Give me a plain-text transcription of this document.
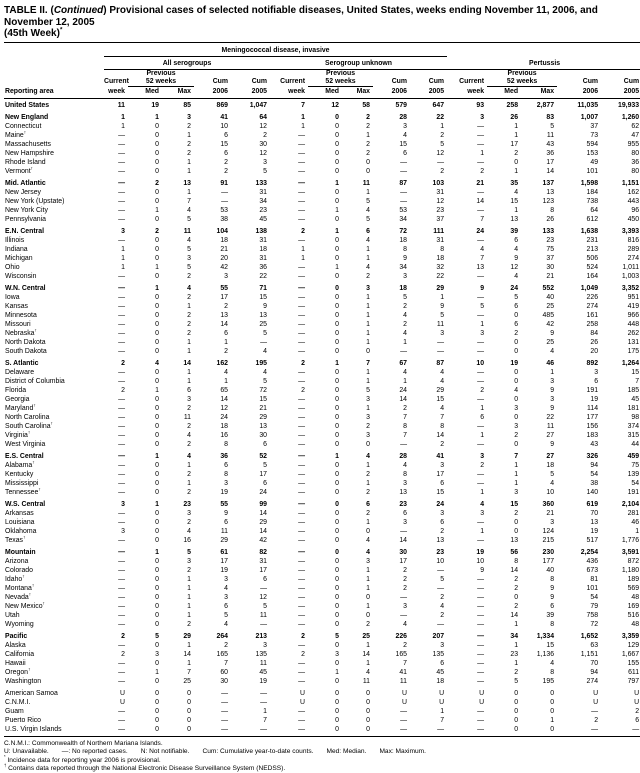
TABLE II. (Continued) Provisional cases of selected notifiable diseases, United States, weeks ending November 11, 2006, and November 12, 2005
(45th Week)*
	Meningococcal disease, invasive														
	All serogroups					Serogroup unknown					Pertussis				
		Previous					Previous					Previous			
	Current	52 weeks		Cum	Cum	Current	52 weeks		Cum	Cum	Current	52 weeks		Cum	Cum
Reporting area	week	Med	Max	2006	2005	week	Med	Max	2006	2005	week	Med	Max	2006	2005
United States	11	19	85	869	1,047	7	12	58	579	647	93	258	2,877	11,035	19,933
New England	1	1	3	41	64	1	0	2	28	22	3	26	83	1,007	1,260
Connecticut	1	0	2	10	12	1	0	2	3	1	—	1	5	37	62
Maine†	—	0	1	6	2	—	0	1	4	2	—	1	11	73	47
Massachusetts	—	0	2	15	30	—	0	2	15	5	—	17	43	594	955
New Hampshire	—	0	2	6	12	—	0	2	6	12	1	2	36	153	80
Rhode Island	—	0	1	2	3	—	0	0	—	—	—	0	17	49	36
Vermont†	—	0	1	2	5	—	0	0	—	2	2	1	14	101	80
Mid. Atlantic	—	2	13	91	133	—	1	11	87	103	21	35	137	1,598	1,151
New Jersey	—	0	1	—	31	—	0	1	—	31	—	4	13	184	162
New York (Upstate)	—	0	7	—	34	—	0	5	—	12	14	15	123	738	443
New York City	—	1	4	53	23	—	1	4	53	23	—	1	8	64	96
Pennsylvania	—	0	5	38	45	—	0	5	34	37	7	13	26	612	450
E.N. Central	3	2	11	104	138	2	1	6	72	111	24	39	133	1,638	3,393
Illinois	—	0	4	18	31	—	0	4	18	31	—	6	23	231	816
Indiana	1	0	5	21	18	1	0	1	8	8	4	4	75	213	289
Michigan	1	0	3	20	31	1	0	1	9	18	7	9	37	506	274
Ohio	1	1	5	42	36	—	1	4	34	32	13	12	30	524	1,011
Wisconsin	—	0	2	3	22	—	0	2	3	22	—	4	21	164	1,003
W.N. Central	—	1	4	55	71	—	0	3	18	29	9	24	552	1,049	3,352
Iowa	—	0	2	17	15	—	0	1	5	1	—	5	40	226	951
Kansas	—	0	1	2	9	—	0	1	2	9	5	6	25	274	419
Minnesota	—	0	2	13	13	—	0	1	4	5	—	0	485	161	966
Missouri	—	0	2	14	25	—	0	1	2	11	1	6	42	258	448
Nebraska†	—	0	2	6	5	—	0	1	4	3	3	2	9	84	262
North Dakota	—	0	1	1	—	—	0	1	1	—	—	0	25	26	131
South Dakota	—	0	1	2	4	—	0	0	—	—	—	0	4	20	175
S. Atlantic	2	4	14	162	195	2	1	7	67	87	10	19	46	892	1,264
Delaware	—	0	1	4	4	—	0	1	4	4	—	0	1	3	15
District of Columbia	—	0	1	1	5	—	0	1	1	4	—	0	3	6	7
Florida	2	1	6	65	72	2	0	5	24	29	2	4	9	191	185
Georgia	—	0	3	14	15	—	0	3	14	15	—	0	3	19	45
Maryland†	—	0	2	12	21	—	0	1	2	4	1	3	9	114	181
North Carolina	—	0	11	24	29	—	0	3	7	7	6	0	22	177	98
South Carolina†	—	0	2	18	13	—	0	2	8	8	—	3	11	156	374
Virginia†	—	0	4	16	30	—	0	3	7	14	1	2	27	183	315
West Virginia	—	0	2	8	6	—	0	0	—	2	—	0	9	43	44
E.S. Central	—	1	4	36	52	—	1	4	28	41	3	7	27	326	459
Alabama†	—	0	1	6	5	—	0	1	4	3	2	1	18	94	75
Kentucky	—	0	2	8	17	—	0	2	8	17	—	1	5	54	139
Mississippi	—	0	1	3	6	—	0	1	3	6	—	1	4	38	54
Tennessee†	—	0	2	19	24	—	0	2	13	15	1	3	10	140	191
W.S. Central	3	1	23	55	99	—	0	6	23	24	4	15	360	619	2,104
Arkansas	—	0	3	9	14	—	0	2	6	3	3	2	21	70	281
Louisiana	—	0	2	6	29	—	0	1	3	6	—	0	3	13	46
Oklahoma	3	0	4	11	14	—	0	0	—	2	1	0	124	19	1
Texas†	—	0	16	29	42	—	0	4	14	13	—	13	215	517	1,776
Mountain	—	1	5	61	82	—	0	4	30	23	19	56	230	2,254	3,591
Arizona	—	0	3	17	31	—	0	3	17	10	10	8	177	436	872
Colorado	—	0	2	19	17	—	0	1	2	—	9	14	40	673	1,180
Idaho†	—	0	1	3	6	—	0	1	2	5	—	2	8	81	189
Montana†	—	0	1	4	—	—	0	1	2	—	—	2	9	101	569
Nevada†	—	0	1	3	12	—	0	0	—	2	—	0	9	54	48
New Mexico†	—	0	1	6	5	—	0	1	3	4	—	2	6	79	169
Utah	—	0	1	5	11	—	0	0	—	2	—	14	39	758	516
Wyoming	—	0	2	4	—	—	0	2	4	—	—	1	8	72	48
Pacific	2	5	29	264	213	2	5	25	226	207	—	34	1,334	1,652	3,359
Alaska	—	0	1	2	3	—	0	1	2	3	—	1	15	63	129
California	2	3	14	165	135	2	3	14	165	135	—	23	1,136	1,151	1,667
Hawaii	—	0	1	7	11	—	0	1	7	6	—	1	4	70	155
Oregon†	—	1	7	60	45	—	1	4	41	45	—	2	8	94	611
Washington	—	0	25	30	19	—	0	11	11	18	—	5	195	274	797
American Samoa	U	0	0	—	—	U	0	0	U	U	U	0	0	U	U
C.N.M.I.	U	0	0	—	—	U	0	0	U	U	U	0	0	U	U
Guam	—	0	0	—	1	—	0	0	—	1	—	0	0	—	2
Puerto Rico	—	0	0	—	7	—	0	0	—	7	—	0	1	2	6
U.S. Virgin Islands	—	0	0	—	—	—	0	0	—	—	—	0	0	—	—
C.N.M.I.: Commonwealth of Northern Mariana Islands.
U: Unavailable. —: No reported cases. N: Not notifiable. Cum: Cumulative year-to-date counts. Med: Median. Max: Maximum.
* Incidence data for reporting year 2006 is provisional.
† Contains data reported through the National Electronic Disease Surveillance System (NEDSS).
